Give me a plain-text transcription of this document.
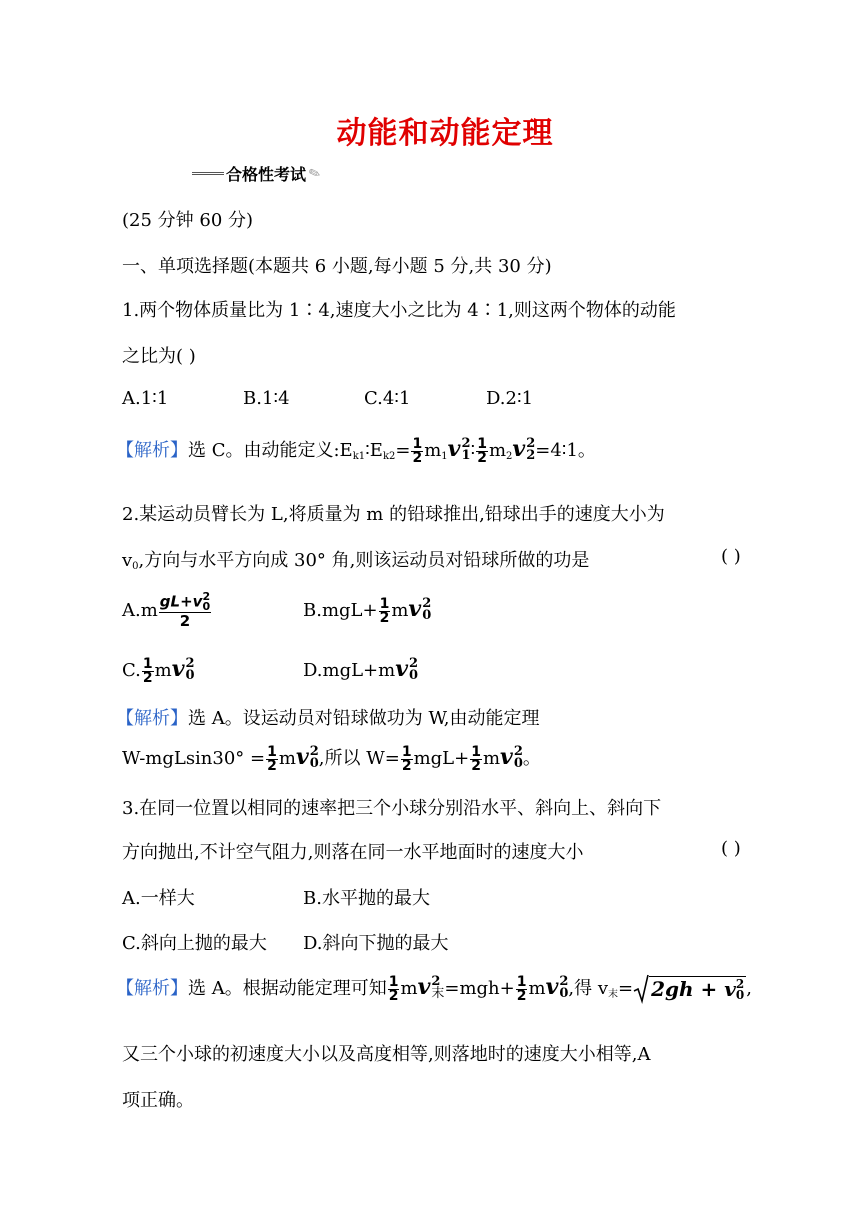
动能和动能定理
合格性考试 ✎
(25 分钟 60 分)
一、单项选择题(本题共 6 小题,每小题 5 分,共 30 分)
1.两个物体质量比为 1∶4,速度大小之比为 4∶1,则这两个物体的动能
之比为( )
A.1∶1	B.1∶4	C.4∶1	D.2∶1
【解析】选 C。由动能定义$:E_{k1}∶E_{k2}= \frac{1}{2} m_1v$ 2
1 ∶ $\frac{1}{2} m_2v$ 2
2 =4∶1。
2.某运动员臂长为 L,将质量为 m 的铅球推出,铅球出手的速度大小为
$v_0$,方向与水平方向成 30° 角,则该运动员对铅球所做的功是	( )
A.m gL+v 2
0
2	$B.mgL+ \frac{1}{2}$ mv 2
0
C. $\frac{1}{2}$ mv 2
0	D.mgL+mv 2
0
【解析】选 A。设运动员对铅球做功为 W,由动能定理
$W-mgLsin30^\circ = \frac{1}{2}$ mv 2
0 ,所以 $W= \frac{1}{2} mgL+ \frac{1}{2}$ mv 2
0 。
3.在同一位置以相同的速率把三个小球分别沿水平、斜向上、斜向下
方向抛出,不计空气阻力,则落在同一水平地面时的速度大小	( )
A.一样大	B.水平抛的最大
C.斜向上抛的最大 D.斜向下抛的最大
【解析】选 A。根据动能定理可知 $\frac{1}{2}$ mv 2
末 $=mgh+ \frac{1}{2}$ mv 2
0 ,得 $v_末= 2gh + v$ 2
0 ,
又三个小球的初速度大小以及高度相等,则落地时的速度大小相等,A
项正确。
